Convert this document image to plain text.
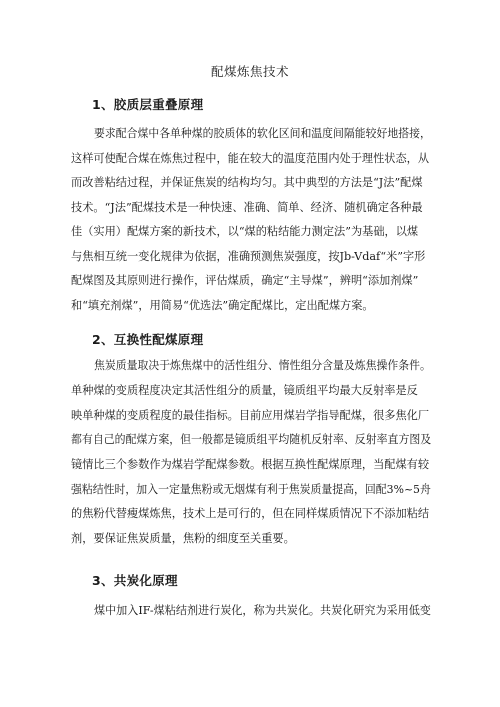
配煤炼焦技术
1、胶质层重叠原理
要求配合煤中各单种煤的胶质体的软化区间和温度间隔能较好地搭接，
这样可使配合煤在炼焦过程中，能在较大的温度范围内处于理性状态，从
而改善粘结过程，并保证焦炭的结构均匀。其中典型的方法是“J法”配煤
技术。“J法”配煤技术是一种快速、准确、简单、经济、随机确定各种最
佳（实用）配煤方案的新技术，以“煤的粘结能力测定法”为基础，以煤
与焦相互统一变化规律为依据，准确预测焦炭强度，按Jb-Vdaf“米”字形
配煤图及其原则进行操作，评估煤质，确定“主导煤”，辨明“添加剂煤”
和“填充剂煤”，用简易“优选法”确定配煤比，定出配煤方案。
2、互换性配煤原理
焦炭质量取决于炼焦煤中的活性组分、惰性组分含量及炼焦操作条件。
单种煤的变质程度决定其活性组分的质量，镜质组平均最大反射率是反
映单种煤的变质程度的最佳指标。目前应用煤岩学指导配煤，很多焦化厂
都有自己的配煤方案，但一般都是镜质组平均随机反射率、反射率直方图及
镜情比三个参数作为煤岩学配煤参数。根据互换性配煤原理，当配煤有较
强粘结性时，加入一定量焦粉或无烟煤有利于焦炭质量提高，回配3%~5舟
的焦粉代替瘦煤炼焦，技术上是可行的，但在同样煤质情况下不添加粘结
剂，要保证焦炭质量，焦粉的细度至关重要。
3、共炭化原理
煤中加入IF-煤粘结剂进行炭化，称为共炭化。共炭化研究为采用低变
